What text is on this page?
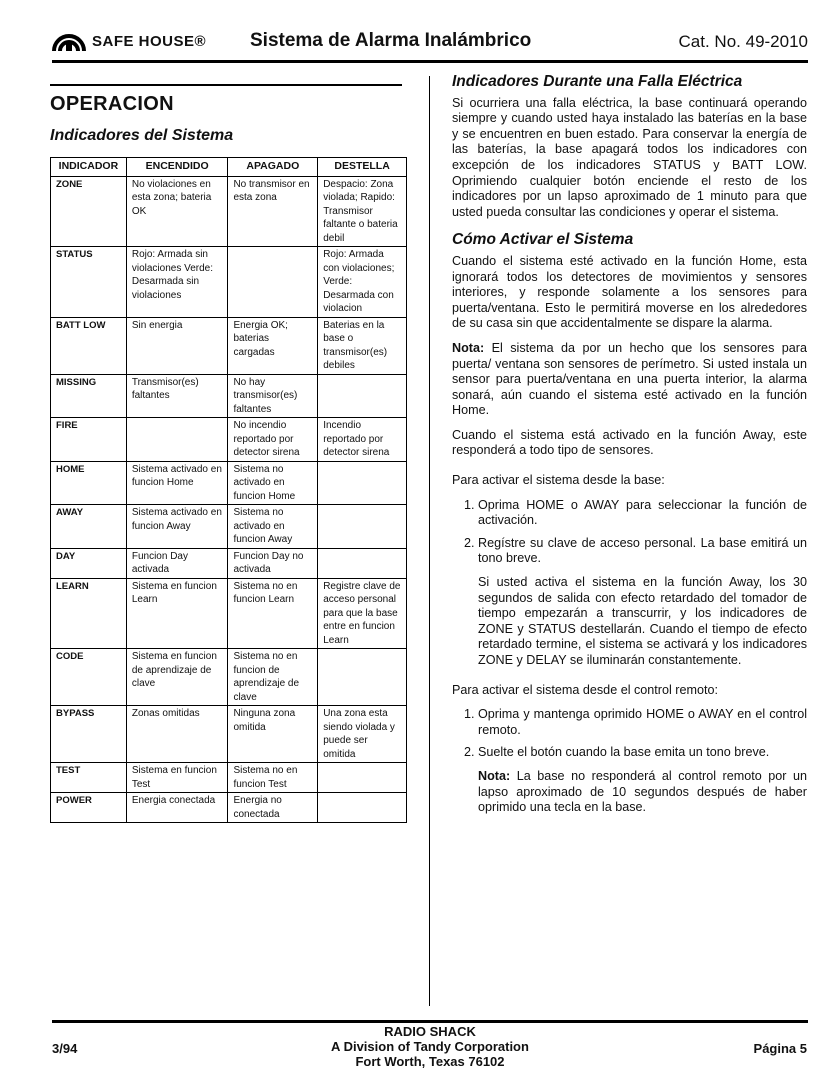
SAFE HOUSE® Sistema de Alarma Inalámbrico	Cat. No. 49-2010
OPERACION
Indicadores del Sistema
INDICADOR	ENCENDIDO	APAGADO	DESTELLA
ZONE	No violaciones en esta zona; bateria OK	No transmisor en esta zona	Despacio: Zona violada; Rapido: Transmisor faltante o bateria debil
STATUS	Rojo: Armada sin violaciones Verde: Desarmada sin violaciones		Rojo: Armada con violaciones; Verde: Desarmada con violacion
BATT LOW	Sin energia	Energia OK; baterias cargadas	Baterias en la base o transmisor(es) debiles
MISSING	Transmisor(es) faltantes	No hay transmisor(es) faltantes	
FIRE		No incendio reportado por detector sirena	Incendio reportado por detector sirena
HOME	Sistema activado en funcion Home	Sistema no activado en funcion Home	
AWAY	Sistema activado en funcion Away	Sistema no activado en funcion Away	
DAY	Funcion Day activada	Funcion Day no activada	
LEARN	Sistema en funcion Learn	Sistema no en funcion Learn	Registre clave de acceso personal para que la base entre en funcion Learn
CODE	Sistema en funcion de aprendizaje de clave	Sistema no en funcion de aprendizaje de clave	
BYPASS	Zonas omitidas	Ninguna zona omitida	Una zona esta siendo violada y puede ser omitida
TEST	Sistema en funcion Test	Sistema no en funcion Test	
POWER	Energia conectada	Energia no conectada	
Indicadores Durante una Falla Eléctrica

Si ocurriera una falla eléctrica, la base continuará operando siempre y cuando usted haya instalado las baterías en la base y se encuentren en buen estado. Para conservar la energía de las baterías, la base apagará todos los indicadores con excepción de los indicadores STATUS y BATT LOW. Oprimiendo cualquier botón enciende el resto de los indicadores por un lapso aproximado de 1 minuto para que usted pueda consultar las condiciones y operar el sistema.

Cómo Activar el Sistema

Cuando el sistema esté activado en la función Home, esta ignorará todos los detectores de movimientos y sensores interiores, y responde solamente a los sensores para puerta/ventana. Esto le permitirá moverse en los alrededores de su casa sin que accidentalmente se dispare la alarma.

Nota: El sistema da por un hecho que los sensores para puerta/ ventana son sensores de perímetro. Si usted instala un sensor para puerta/ventana en una puerta interior, la alarma sonará, aún cuando el sistema esté activado en la función Home.

Cuando el sistema está activado en la función Away, este responderá a todo tipo de sensores.

Para activar el sistema desde la base:

1. Oprima HOME o AWAY para seleccionar la función de activación.
2. Regístre su clave de acceso personal. La base emitirá un tono breve.

Si usted activa el sistema en la función Away, los 30 segundos de salida con efecto retardado del tomador de tiempo empezarán a transcurrir, y los indicadores de ZONE y STATUS destellarán. Cuando el tiempo de efecto retardado termine, el sistema se activará y los indicadores ZONE y DELAY se iluminarán constantemente.

Para activar el sistema desde el control remoto:

1. Oprima y mantenga oprimido HOME o AWAY en el control remoto.
2. Suelte el botón cuando la base emita un tono breve.

Nota: La base no responderá al control remoto por un lapso aproximado de 10 segundos después de haber oprimido una tecla en la base.

3/94
RADIO SHACK
A Division of Tandy Corporation
Fort Worth, Texas 76102
Página 5
